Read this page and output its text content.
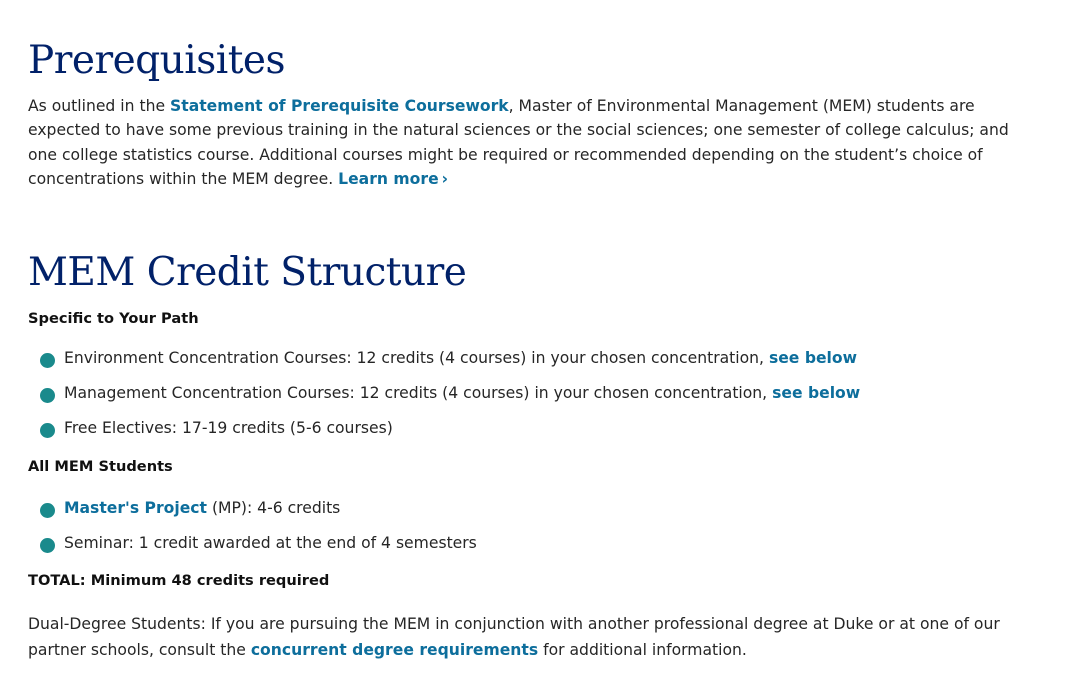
Prerequisites

As outlined in the Statement of Prerequisite Coursework, Master of Environmental Management (MEM) students are expected to have some previous training in the natural sciences or the social sciences; one semester of college calculus; and one college statistics course. Additional courses might be required or recommended depending on the student’s choice of concentrations within the MEM degree. Learn more ›

MEM Credit Structure

Specific to Your Path

Environment Concentration Courses: 12 credits (4 courses) in your chosen concentration, see below
Management Concentration Courses: 12 credits (4 courses) in your chosen concentration, see below
Free Electives: 17-19 credits (5-6 courses)

All MEM Students

Master's Project (MP): 4-6 credits
Seminar: 1 credit awarded at the end of 4 semesters

TOTAL: Minimum 48 credits required

Dual-Degree Students: If you are pursuing the MEM in conjunction with another professional degree at Duke or at one of our partner schools, consult the concurrent degree requirements for additional information.
